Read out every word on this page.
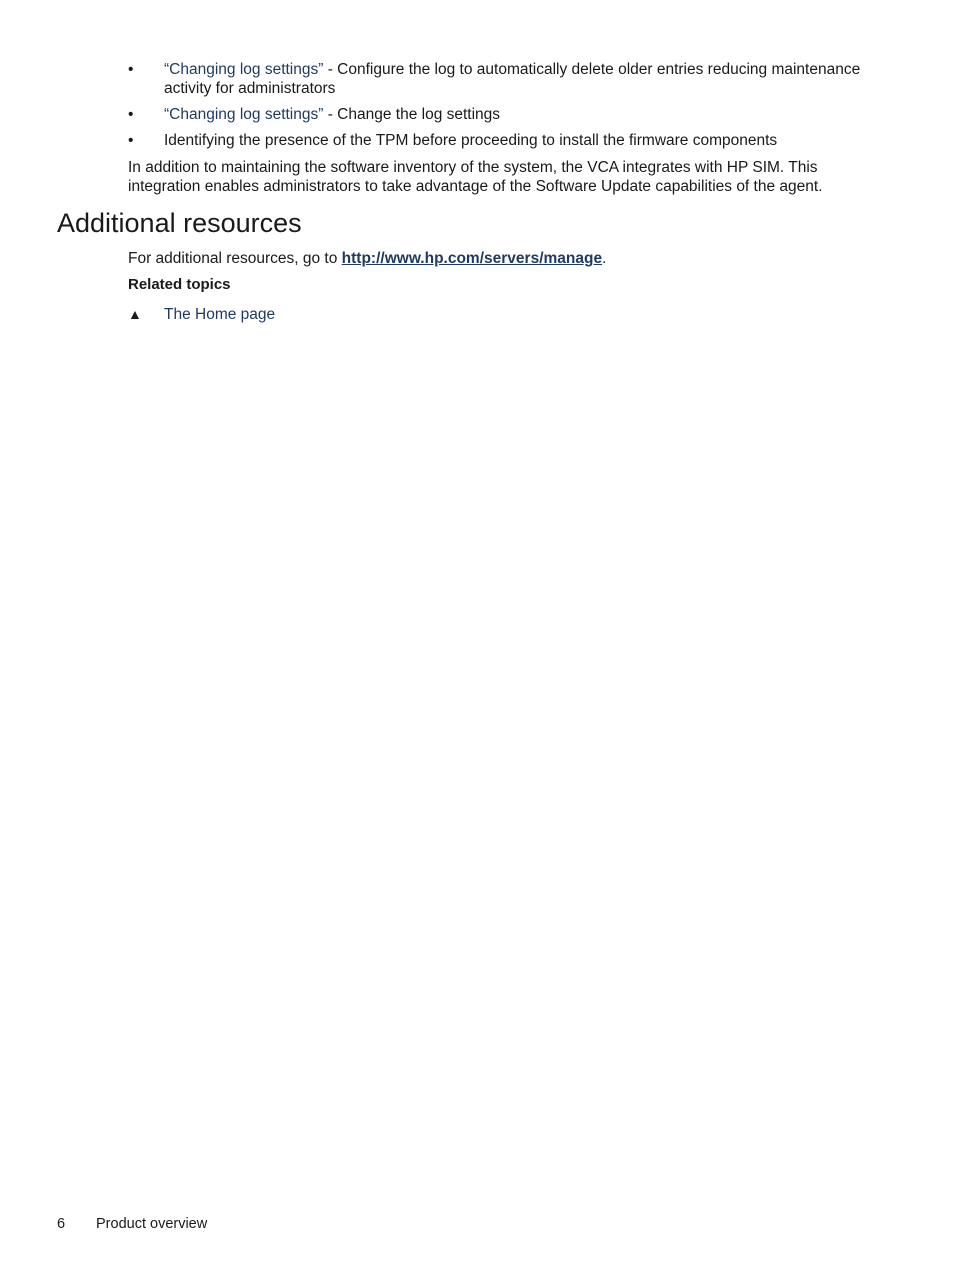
•	“Changing log settings” - Configure the log to automatically delete older entries reducing maintenance activity for administrators
•	“Changing log settings” - Change the log settings
•	Identifying the presence of the TPM before proceeding to install the firmware components

In addition to maintaining the software inventory of the system, the VCA integrates with HP SIM. This integration enables administrators to take advantage of the Software Update capabilities of the agent.

Additional resources

For additional resources, go to http://www.hp.com/servers/manage.

Related topics

▲ The Home page

6 Product overview
